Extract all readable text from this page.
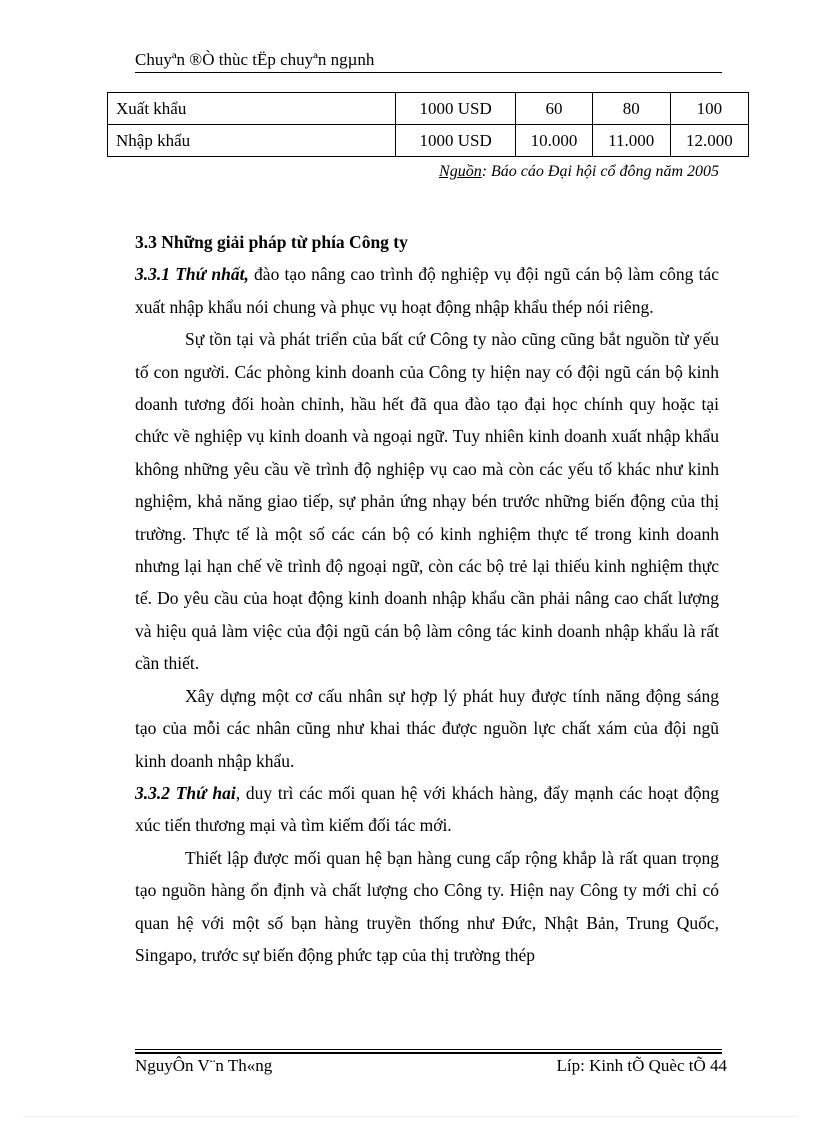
Chuyªn ®Ò thùc tËp chuyªn ngµnh
Xuất khẩu	1000 USD	60	80	100
Nhập khẩu	1000 USD	10.000	11.000	12.000
Nguồn: Báo cáo Đại hội cổ đông năm 2005

3.3 Những giải pháp từ phía Công ty

3.3.1 Thứ nhất, đào tạo nâng cao trình độ nghiệp vụ đội ngũ cán bộ làm công tác xuất nhập khẩu nói chung và phục vụ hoạt động nhập khẩu thép nói riêng.

Sự tồn tại và phát triển của bất cứ Công ty nào cũng cũng bắt nguồn từ yếu tố con người. Các phòng kinh doanh của Công ty hiện nay có đội ngũ cán bộ kinh doanh tương đối hoàn chỉnh, hầu hết đã qua đào tạo đại học chính quy hoặc tại chức về nghiệp vụ kinh doanh và ngoại ngữ. Tuy nhiên kinh doanh xuất nhập khẩu không những yêu cầu về trình độ nghiệp vụ cao mà còn các yếu tố khác như kinh nghiệm, khả năng giao tiếp, sự phản ứng nhạy bén trước những biến động của thị trường. Thực tế là một số các cán bộ có kinh nghiệm thực tế trong kinh doanh nhưng lại hạn chế về trình độ ngoại ngữ, còn các bộ trẻ lại thiếu kinh nghiệm thực tế. Do yêu cầu của hoạt động kinh doanh nhập khẩu cần phải nâng cao chất lượng và hiệu quả làm việc của đội ngũ cán bộ làm công tác kinh doanh nhập khẩu là rất cần thiết.

Xây dựng một cơ cấu nhân sự hợp lý phát huy được tính năng động sáng tạo của mỗi các nhân cũng như khai thác được nguồn lực chất xám của đội ngũ kinh doanh nhập khẩu.

3.3.2 Thứ hai, duy trì các mối quan hệ với khách hàng, đẩy mạnh các hoạt động xúc tiến thương mại và tìm kiếm đối tác mới.

Thiết lập được mối quan hệ bạn hàng cung cấp rộng khắp là rất quan trọng tạo nguồn hàng ổn định và chất lượng cho Công ty. Hiện nay Công ty mới chỉ có quan hệ với một số bạn hàng truyền thống như Đức, Nhật Bản, Trung Quốc, Singapo, trước sự biến động phức tạp của thị trường thép

NguyÔn V¨n Th«ng	Líp: Kinh tÕ Quèc tÕ 44
